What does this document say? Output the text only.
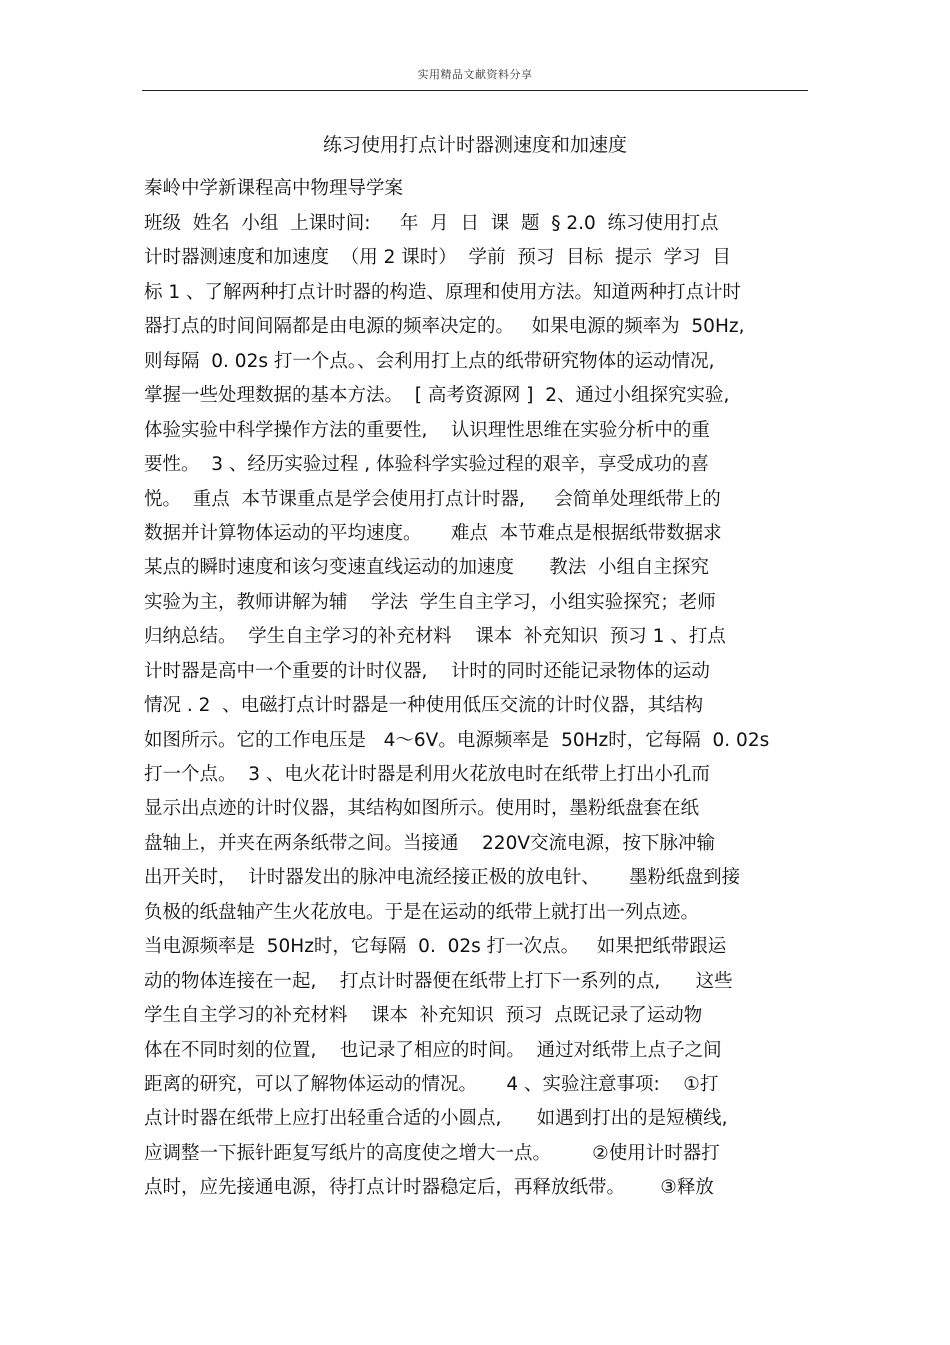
实用精品文献资料分享
练习使用打点计时器测速度和加速度

秦岭中学新课程高中物理导学案

班级  姓名  小组  上课时间:     年  月  日  课  题  § 2.0  练习使用打点
计时器测速度和加速度  （用 2 课时）  学前  预习  目标  提示  学习  目
标 1 、了解两种打点计时器的构造、原理和使用方法。知道两种打点计时
器打点的时间间隔都是由电源的频率决定的。   如果电源的频率为  50Hz,
则每隔  0. 02s 打一个点。、会利用打上点的纸带研究物体的运动情况,
掌握一些处理数据的基本方法。  [ 高考资源网 ]  2、通过小组探究实验,
体验实验中科学操作方法的重要性,    认识理性思维在实验分析中的重
要性。  3 、经历实验过程 , 体验科学实验过程的艰辛，享受成功的喜
悦。  重点  本节课重点是学会使用打点计时器,     会简单处理纸带上的
数据并计算物体运动的平均速度。     难点  本节难点是根据纸带数据求
某点的瞬时速度和该匀变速直线运动的加速度      教法  小组自主探究
实验为主，教师讲解为辅    学法  学生自主学习，小组实验探究；老师
归纳总结。  学生自主学习的补充材料    课本  补充知识  预习 1 、打点
计时器是高中一个重要的计时仪器,    计时的同时还能记录物体的运动
情况 . 2  、电磁打点计时器是一种使用低压交流的计时仪器，其结构
如图所示。它的工作电压是   4～6V。电源频率是  50Hz时，它每隔  0. 02s
打一个点。  3 、电火花计时器是利用火花放电时在纸带上打出小孔而
显示出点迹的计时仪器，其结构如图所示。使用时，墨粉纸盘套在纸
盘轴上，并夹在两条纸带之间。当接通    220V交流电源，按下脉冲输
出开关时，  计时器发出的脉冲电流经接正极的放电针、     墨粉纸盘到接
负极的纸盘轴产生火花放电。于是在运动的纸带上就打出一列点迹。
当电源频率是  50Hz时，它每隔  0.  02s 打一次点。   如果把纸带跟运
动的物体连接在一起,    打点计时器便在纸带上打下一系列的点,      这些
学生自主学习的补充材料    课本  补充知识  预习  点既记录了运动物
体在不同时刻的位置,    也记录了相应的时间。  通过对纸带上点子之间
距离的研究，可以了解物体运动的情况。     4 、实验注意事项:    ①打
点计时器在纸带上应打出轻重合适的小圆点,      如遇到打出的是短横线,
应调整一下振针距复写纸片的高度使之增大一点。       ②使用计时器打
点时，应先接通电源，待打点计时器稳定后，再释放纸带。      ③释放
